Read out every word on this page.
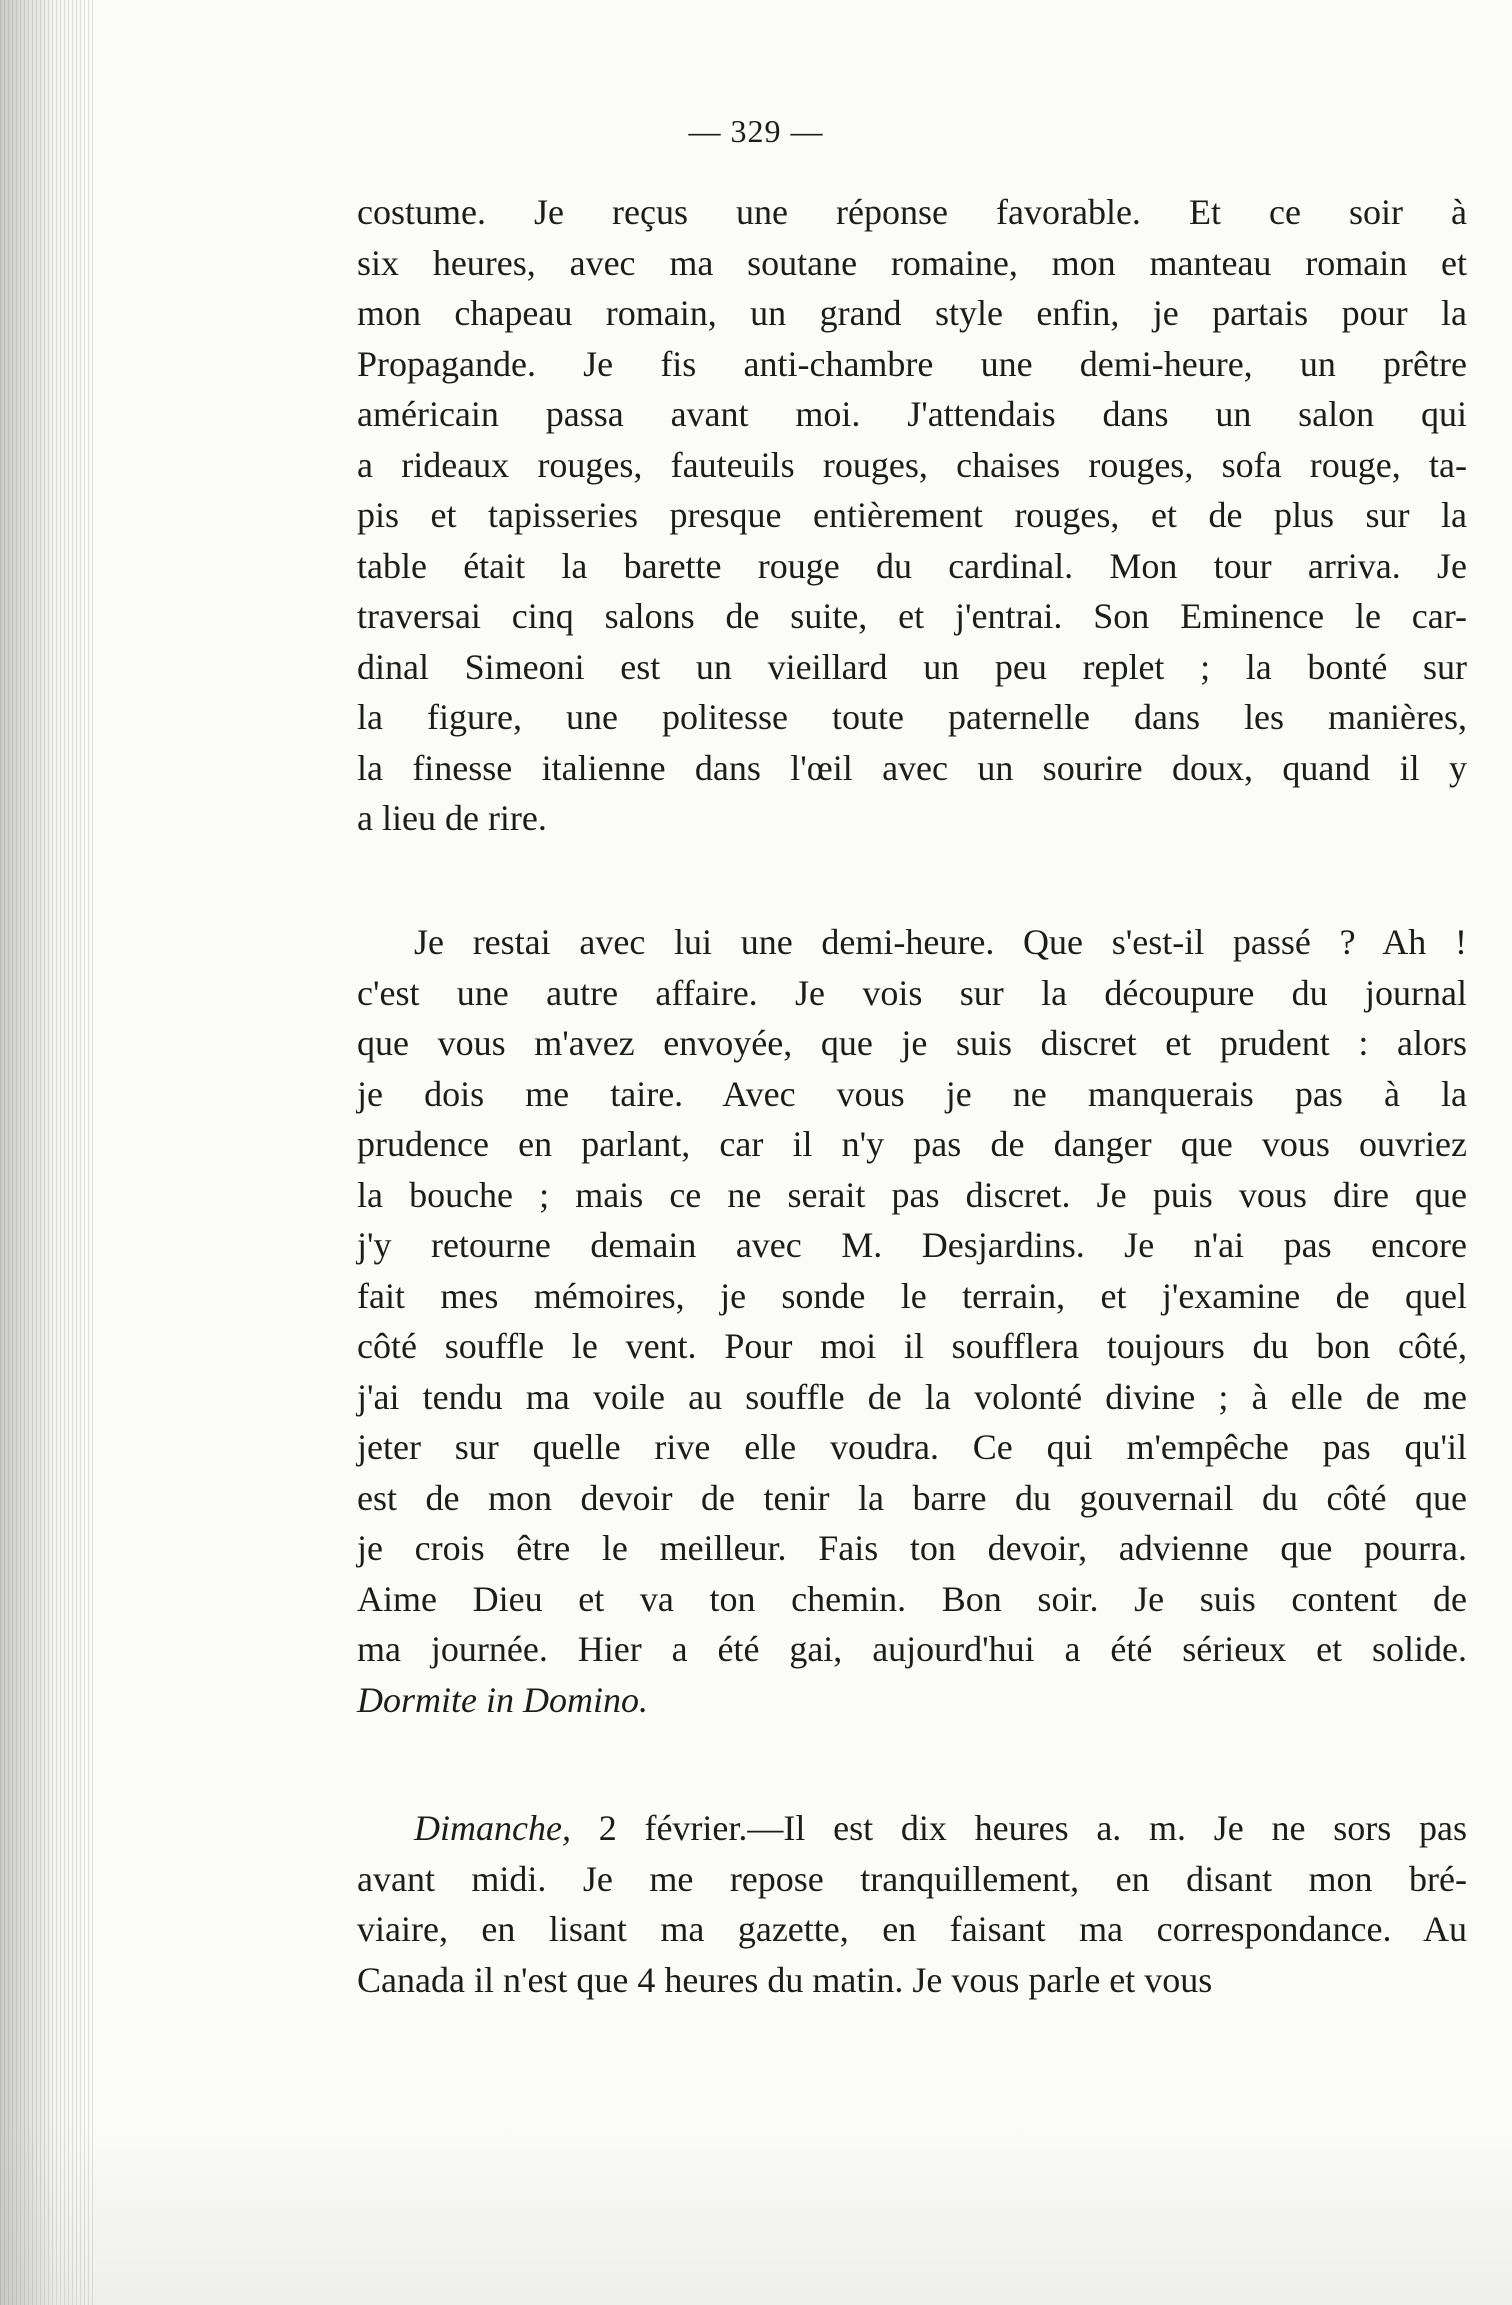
— 329 —
costume. Je reçus une réponse favorable. Et ce soir à
six heures, avec ma soutane romaine, mon manteau romain et
mon chapeau romain, un grand style enfin, je partais pour la
Propagande. Je fis anti-chambre une demi-heure, un prêtre
américain passa avant moi. J'attendais dans un salon qui
a rideaux rouges, fauteuils rouges, chaises rouges, sofa rouge, ta-
pis et tapisseries presque entièrement rouges, et de plus sur la
table était la barette rouge du cardinal. Mon tour arriva. Je
traversai cinq salons de suite, et j'entrai. Son Eminence le car-
dinal Simeoni est un vieillard un peu replet ; la bonté sur
la figure, une politesse toute paternelle dans les manières,
la finesse italienne dans l'œil avec un sourire doux, quand il y
a lieu de rire.
Je restai avec lui une demi-heure. Que s'est-il passé ? Ah !
c'est une autre affaire. Je vois sur la découpure du journal
que vous m'avez envoyée, que je suis discret et prudent : alors
je dois me taire. Avec vous je ne manquerais pas à la
prudence en parlant, car il n'y pas de danger que vous ouvriez
la bouche ; mais ce ne serait pas discret. Je puis vous dire que
j'y retourne demain avec M. Desjardins. Je n'ai pas encore
fait mes mémoires, je sonde le terrain, et j'examine de quel
côté souffle le vent. Pour moi il soufflera toujours du bon côté,
j'ai tendu ma voile au souffle de la volonté divine ; à elle de me
jeter sur quelle rive elle voudra. Ce qui m'empêche pas qu'il
est de mon devoir de tenir la barre du gouvernail du côté que
je crois être le meilleur. Fais ton devoir, advienne que pourra.
Aime Dieu et va ton chemin. Bon soir. Je suis content de
ma journée. Hier a été gai, aujourd'hui a été sérieux et solide.
Dormite in Domino.
Dimanche, 2 février.—Il est dix heures a. m. Je ne sors pas
avant midi. Je me repose tranquillement, en disant mon bré-
viaire, en lisant ma gazette, en faisant ma correspondance. Au
Canada il n'est que 4 heures du matin. Je vous parle et vous
